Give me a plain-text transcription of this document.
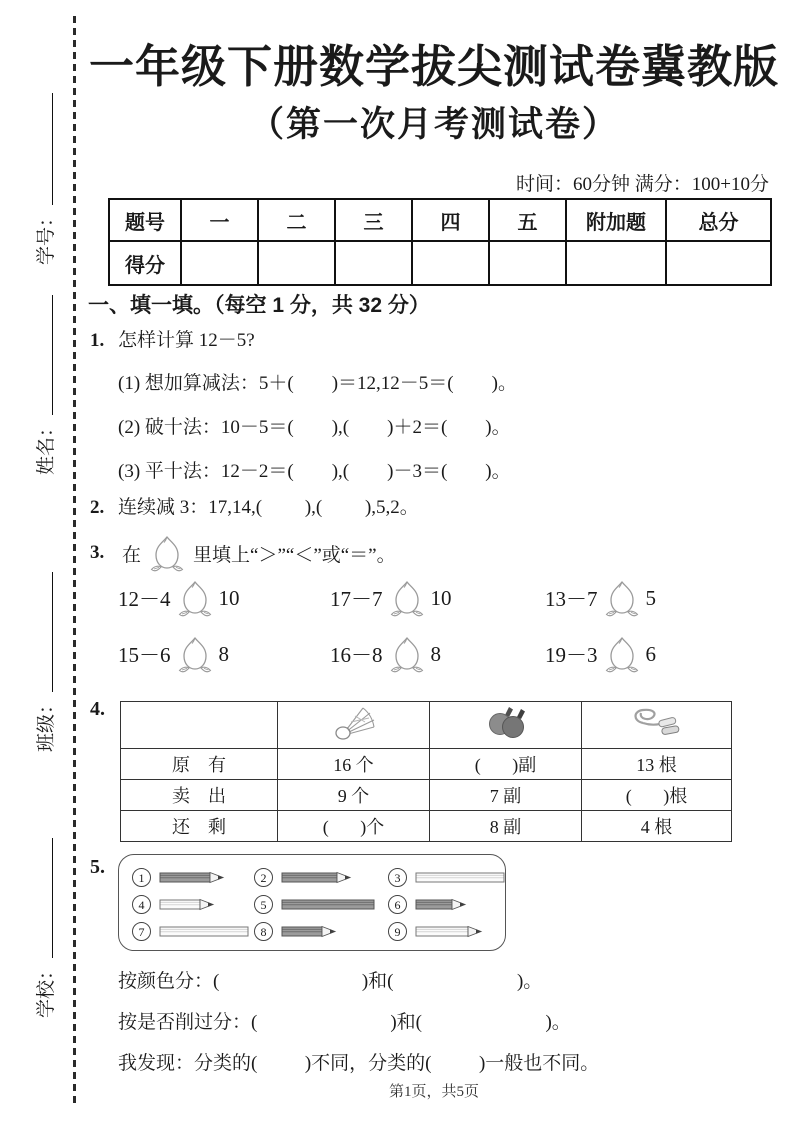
学号：
姓名：
班级：
学校：
一年级下册数学拔尖测试卷冀教版
（第一次月考测试卷）
时间：60分钟 满分：100+10分
题号	一	二	三	四	五	附加题	总分
得分							
一、填一填。（每空 1 分，共 32 分）
1. 怎样计算 12－5?
(1) 想加算减法：5＋(        )＝12,12－5＝(        )。
(2) 破十法：10－5＝(        ),(        )＋2＝(        )。
(3) 平十法：12－2＝(        ),(        )－3＝(        )。
2. 连续减 3：17,14,(         ),(         ),5,2。
3. 在	里填上“＞”“＜”或“＝”。
12－4 10	17－7 10	13－7 5
15－6 8	16－8 8	19－3 6
4.

原    有	16 个	(       )副	13 根
卖    出	9 个	7 副	(       )根
还    剩	(       )个	8 副	4 根
5.	1	2	3
4	5	6
7	8	9
按颜色分：(                              )和(                          )。
按是否削过分：(                            )和(                          )。
我发现：分类的(          )不同，分类的(          )一般也不同。
第1页，共5页
